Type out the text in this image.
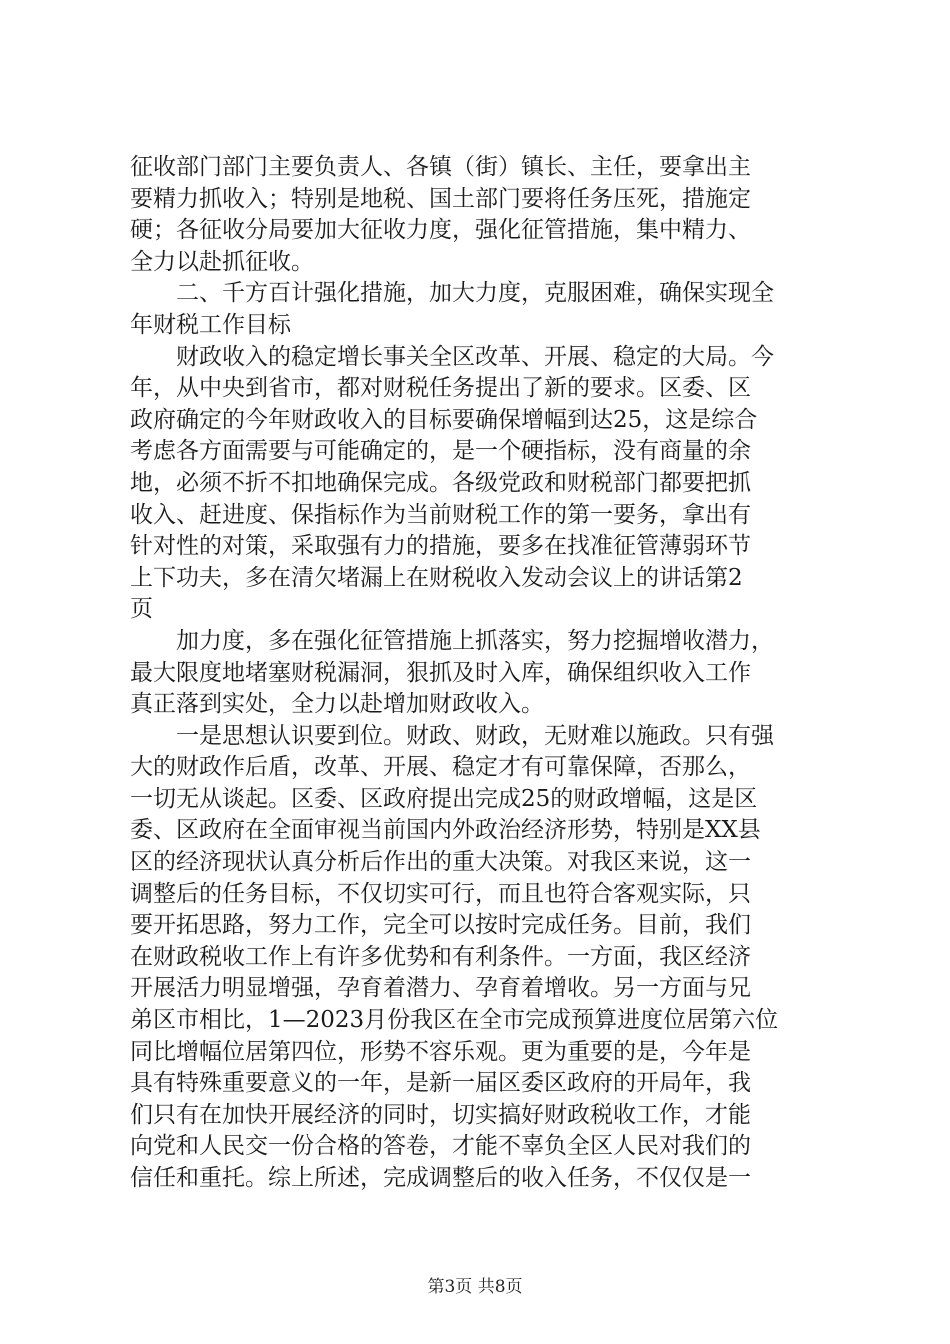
征收部门部门主要负责人、各镇（街）镇长、主任，要拿出主
要精力抓收入；特别是地税、国土部门要将任务压死，措施定
硬；各征收分局要加大征收力度，强化征管措施，集中精力、
全力以赴抓征收。
　　二、千方百计强化措施，加大力度，克服困难，确保实现全
年财税工作目标
　　财政收入的稳定增长事关全区改革、开展、稳定的大局。今
年，从中央到省市，都对财税任务提出了新的要求。区委、区
政府确定的今年财政收入的目标要确保增幅到达25，这是综合
考虑各方面需要与可能确定的，是一个硬指标，没有商量的余
地，必须不折不扣地确保完成。各级党政和财税部门都要把抓
收入、赶进度、保指标作为当前财税工作的第一要务，拿出有
针对性的对策，采取强有力的措施，要多在找准征管薄弱环节
上下功夫，多在清欠堵漏上在财税收入发动会议上的讲话第2
页
　　加力度，多在强化征管措施上抓落实，努力挖掘增收潜力，
最大限度地堵塞财税漏洞，狠抓及时入库，确保组织收入工作
真正落到实处，全力以赴增加财政收入。
　　一是思想认识要到位。财政、财政，无财难以施政。只有强
大的财政作后盾，改革、开展、稳定才有可靠保障，否那么，
一切无从谈起。区委、区政府提出完成25的财政增幅，这是区
委、区政府在全面审视当前国内外政治经济形势，特别是XX县
区的经济现状认真分析后作出的重大决策。对我区来说，这一
调整后的任务目标，不仅切实可行，而且也符合客观实际，只
要开拓思路，努力工作，完全可以按时完成任务。目前，我们
在财政税收工作上有许多优势和有利条件。一方面，我区经济
开展活力明显增强，孕育着潜力、孕育着增收。另一方面与兄
弟区市相比，1—2023月份我区在全市完成预算进度位居第六位
同比增幅位居第四位，形势不容乐观。更为重要的是，今年是
具有特殊重要意义的一年，是新一届区委区政府的开局年，我
们只有在加快开展经济的同时，切实搞好财政税收工作，才能
向党和人民交一份合格的答卷，才能不辜负全区人民对我们的
信任和重托。综上所述，完成调整后的收入任务，不仅仅是一
第3页 共8页
